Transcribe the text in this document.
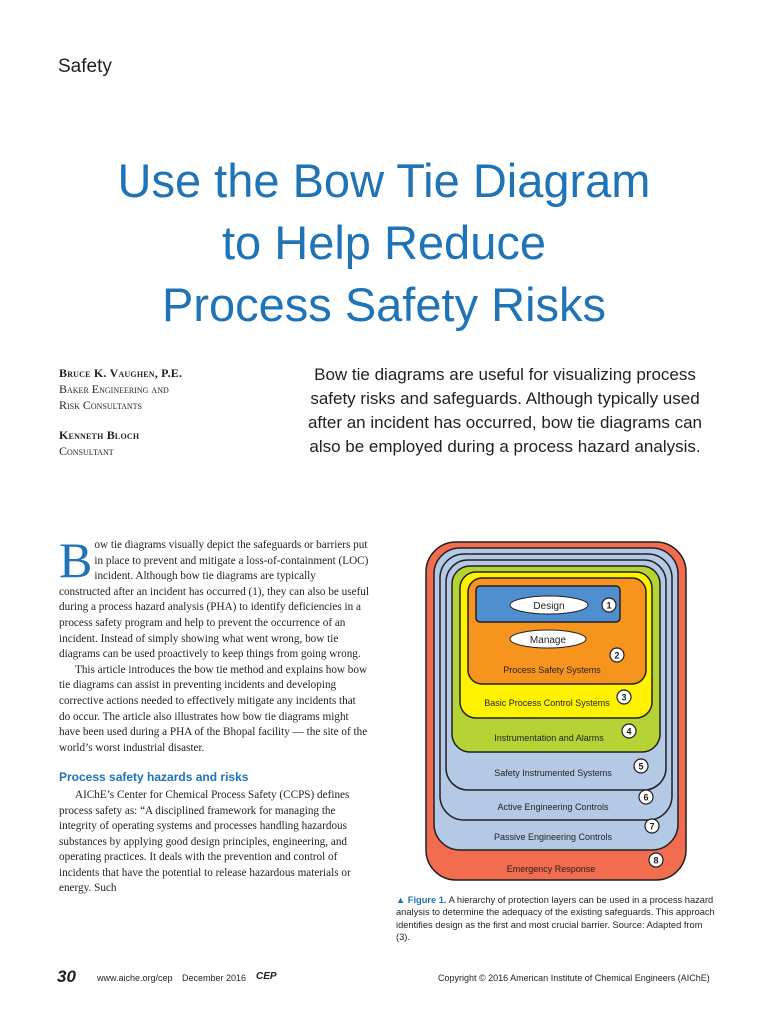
Safety
Use the Bow Tie Diagram
to Help Reduce
Process Safety Risks
Bruce K. Vaughen, P.E.
Baker Engineering and
Risk Consultants
Kenneth Bloch
Consultant
Bow tie diagrams are useful for visualizing process safety risks and safeguards. Although typically used after an incident has occurred, bow tie diagrams can also be employed during a process hazard analysis.

Bow tie diagrams visually depict the safeguards or barriers put in place to prevent and mitigate a loss-of-containment (LOC) incident. Although bow tie diagrams are typically constructed after an incident has occurred (1), they can also be useful during a process hazard analysis (PHA) to identify deficiencies in a process safety program and help to prevent the occurrence of an incident. Instead of simply showing what went wrong, bow tie diagrams can be used proactively to keep things from going wrong.

This article introduces the bow tie method and explains how bow tie diagrams can assist in preventing incidents and developing corrective actions needed to effectively mitigate any incidents that do occur. The article also illustrates how bow tie diagrams might have been used during a PHA of the Bhopal facility — the site of the world’s worst industrial disaster.

Process safety hazards and risks

AIChE’s Center for Chemical Process Safety (CCPS) defines process safety as: “A disciplined framework for managing the integrity of operating systems and processes handling hazardous substances by applying good design principles, engineering, and operating practices. It deals with the prevention and control of incidents that have the potential to release hazardous materials or energy. Such

Design
Manage
Process Safety Systems
Basic Process Control Systems
Instrumentation and Alarms
Safety Instrumented Systems
Active Engineering Controls
Passive Engineering Controls
Emergency Response
1
2
3
4
5
6
7
8
▲ Figure 1. A hierarchy of protection layers can be used in a process hazard analysis to determine the adequacy of the existing safeguards. This approach identifies design as the first and most crucial barrier. Source: Adapted from (3).
30 www.aiche.org/cep December 2016 CEP	Copyright © 2016 American Institute of Chemical Engineers (AIChE)
